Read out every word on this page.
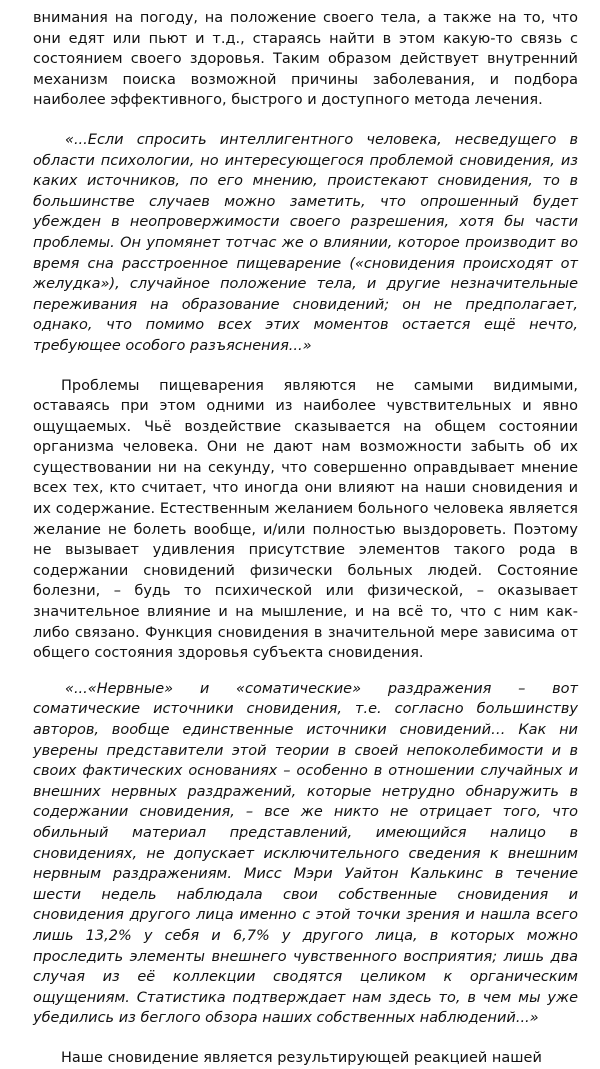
внимания на погоду, на положение своего тела, а также на то, что они едят или пьют и т.д., стараясь найти в этом какую-то связь с состоянием своего здоровья. Таким образом действует внутренний механизм поиска возможной причины заболевания, и подбора наиболее эффективного, быстрого и доступного метода лечения.

«...Если спросить интеллигентного человека, несведущего в области психологии, но интересующегося проблемой сновидения, из каких источников, по его мнению, проистекают сновидения, то в большинстве случаев можно заметить, что опрошенный будет убежден в неопровержимости своего разрешения, хотя бы части проблемы. Он упомянет тотчас же о влиянии, которое производит во время сна расстроенное пищеварение («сновидения происходят от желудка»), случайное положение тела, и другие незначительные переживания на образование сновидений; он не предполагает, однако, что помимо всех этих моментов остается ещё нечто, требующее особого разъяснения...»

Проблемы пищеварения являются не самыми видимыми, оставаясь при этом одними из наиболее чувствительных и явно ощущаемых. Чьё воздействие сказывается на общем состоянии организма человека. Они не дают нам возможности забыть об их существовании ни на секунду, что совершенно оправдывает мнение всех тех, кто считает, что иногда они влияют на наши сновидения и их содержание. Естественным желанием больного человека является желание не болеть вообще, и/или полностью выздороветь. Поэтому не вызывает удивления присутствие элементов такого рода в содержании сновидений физически больных людей. Состояние болезни, – будь то психической или физической, – оказывает значительное влияние и на мышление, и на всё то, что с ним как-либо связано. Функция сновидения в значительной мере зависима от общего состояния здоровья субъекта сновидения.

«...«Нервные» и «соматические» раздражения – вот соматические источники сновидения, т.е. согласно большинству авторов, вообще единственные источники сновидений… Как ни уверены представители этой теории в своей непоколебимости и в своих фактических основаниях – особенно в отношении случайных и внешних нервных раздражений, которые нетрудно обнаружить в содержании сновидения, – все же никто не отрицает того, что обильный материал представлений, имеющийся налицо в сновидениях, не допускает исключительного сведения к внешним нервным раздражениям. Мисс Мэри Уайтон Калькинс в течение шести недель наблюдала свои собственные сновидения и сновидения другого лица именно с этой точки зрения и нашла всего лишь 13,2% у себя и 6,7% у другого лица, в которых можно проследить элементы внешнего чувственного восприятия; лишь два случая из её коллекции сводятся целиком к органическим ощущениям. Статистика подтверждает нам здесь то, в чем мы уже убедились из беглого обзора наших собственных наблюдений...»

Наше сновидение является результирующей реакцией нашей
